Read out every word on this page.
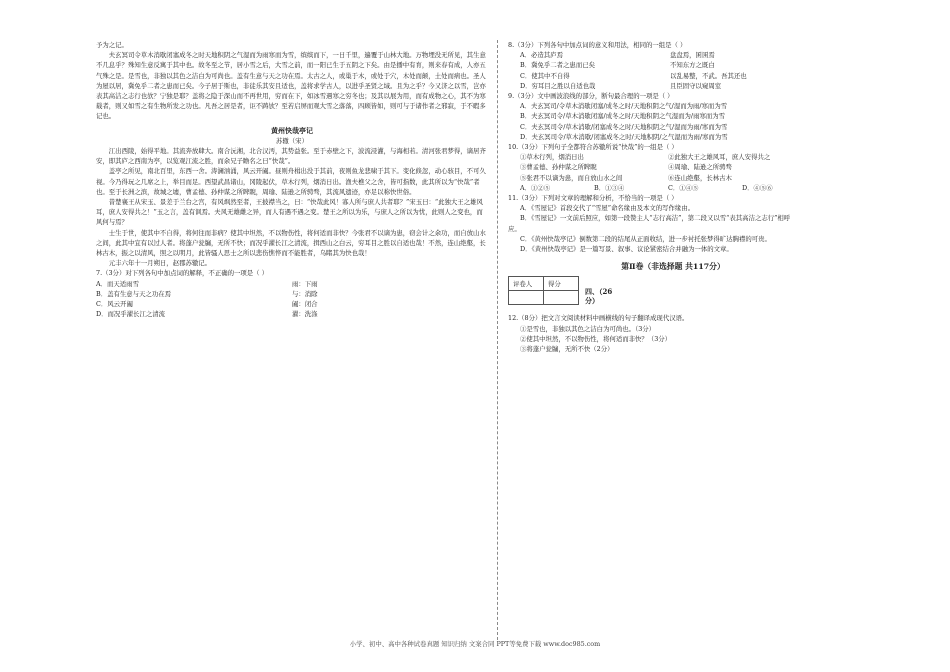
予为之记。

夫玄冥司令草木消歇闭塞成冬之时天地积阴之气湿而为雨寒而为雪，缤缤而下，一日千里，遍覆于山林大地。万物埋没无所见，其生意不几息乎？殊知生意反寓于其中也。故冬至之节，居小雪之后，大雪之前，而一阳已生于五阴之下矣。由是播中有育，则来春有成，人亦五气殊之是。是雪也，非独以其色之洁白为可尚也。盖有生意与天之功在焉。太古之人，或巢于木，或处于穴，木处而颠，土处而病也。圣人为屋以居，冀免乎二者之患而已矣。今子居于斯也，非徒乐其安且适也，盖将求学古人，以进乎圣贤之域。且为之乎？今又济之以雪，岂亦表其高洁之志行也欤？宁独是耶？盖将之隐于深山而不再世用，穷而在下，如冰雪遇寒之穷冬也；及其以展为用，而有成物之心，其不为寒载者，则又如雪之有生物所发之功也。凡吾之居是者，讵不踌欤？至若启屏而观大雪之落落，四顾皆如，则可与于诸作者之邪寂，于不暇多记也。

黄州快哉亭记

苏辙（宋）

江出西陵，始得平地。其流奔放肆大。南合沅湘，北合汉沔，其势益张。至于赤壁之下，波流浸灌，与海相若。清河张君梦得，谪居齐安，即其庐之西南为亭，以览观江流之胜，而余兄子瞻名之曰“快哉”。

盖亭之所见，南北百里，东西一舍。涛澜汹涌，风云开阖。昼则舟楫出没于其前，夜则鱼龙悲啸于其下。变化倏忽，动心骇目，不可久视。今乃得玩之几席之上，举目而足。西望武昌诸山，冈陵起伏，草木行列，烟消日出。渔夫樵父之舍，皆可指数，此其所以为“快哉”者也。至于长洲之滨，故城之墟，曹孟德、孙仲谋之所睥睨，周瑜、陆逊之所骋骛，其流风遗迹，亦足以称快世俗。

昔楚襄王从宋玉、景差于兰台之宫，有风飒然至者，王披襟当之，曰：“快哉此风！寡人所与庶人共者耶？”宋玉曰：“此独大王之雄风耳，庶人安得共之！”玉之言，盖有讽焉。夫风无雄雌之异，而人有遇不遇之变。楚王之所以为乐，与庶人之所以为忧，此则人之变也，而风何与焉？

士生于世，使其中不自得，将何往而非病？使其中坦然，不以物伤性，将何适而非快？今张君不以谪为患，窃会计之余功，而自放山水之间，此其中宜有以过人者。将蓬户瓮牖，无所不快；而况乎濯长江之清流，揖西山之白云，穷耳目之胜以自适也哉！不然，连山绝壑，长林古木，振之以清风，照之以明月，此皆骚人思士之所以悲伤憔悴而不能胜者，乌睹其为快也哉！

元丰六年十一月朔日，赵郡苏辙记。

7.（3分）对下列各句中加点词的解释，不正确的一项是（ ）

A．而天适雨雪	雨：下雨
B．盖有生意与天之功在焉	与：消除
C．风云开阖	阖：闭合
D．而况乎濯长江之清流	濯：洗涤

8.（3分）下列各句中加点词的意义和用法，相同的一组是（ ）

A．必造其庐焉	盘盘焉，囷囷焉
B．冀免乎二者之患而已矣	不知东方之既白
C．使其中不自得	以乱易整，不武。吾其还也
D．穷耳目之胜以自适也哉	且臣固守以窥周室

9.（3分）文中画波浪线的部分，断句最合理的一项是（ ）

A．夫玄冥司/令草木消歇闭塞/成冬之时/天地积阴之气/湿而为雨/寒而为雪

B．夫玄冥司令/草木消歇闭塞/成冬之时/天地积阴之气湿而为/雨寒而为雪

C．夫玄冥司令/草木消歇/闭塞成冬之时/天地积阴之气/湿而为雨/寒而为雪

D．夫玄冥司令/草木消歇/闭塞成冬之时/天地积阴/之气湿而为雨/寒而为雪

10.（3分）下列句子全都符合苏辙所说“快哉”的一组是（ ）

①草木行列，烟消日出	②此独大王之雄风耳，庶人安得共之
③曹孟德、孙仲谋之所睥睨	④周瑜、陆逊之所骋骛
⑤张君不以谪为患，而自放山水之间	⑥连山绝壑，长林古木
A．①②⑤	B．①③④	C．①④⑤	D．④⑤⑥

11.（3分）下列对文章的理解和分析，不恰当的一项是（ ）

A．《雪屋记》首段交代了“雪屋”命名缘由及本文的写作缘由。

B．《雪屋记》一文前后照应，如第一段赞主人“志行高洁”，第二段又以雪“表其高洁之志行”相呼

应。

C．《黄州快哉亭记》倒数第二段的结尾从正面收结，进一步衬托张梦得旷达胸襟的可贵。

D．《黄州快哉亭记》是一篇写景、叙事、议论紧密结合并融为一体的文章。

第Ⅱ卷（非选择题 共117分）

评卷人	得分

四、（26
分）

12.（8分）把文言文阅读材料中画横线的句子翻译成现代汉语。

①是雪也，非独以其色之洁白为可尚也。（3分）

②使其中坦然，不以物伤性，将何适而非快？（3分）

③将蓬户瓮牖，无所不快（2分）

小学、初中、高中各种试卷真题 知识归纳 文案合同 PPT等免费下载 www.doc985.com
